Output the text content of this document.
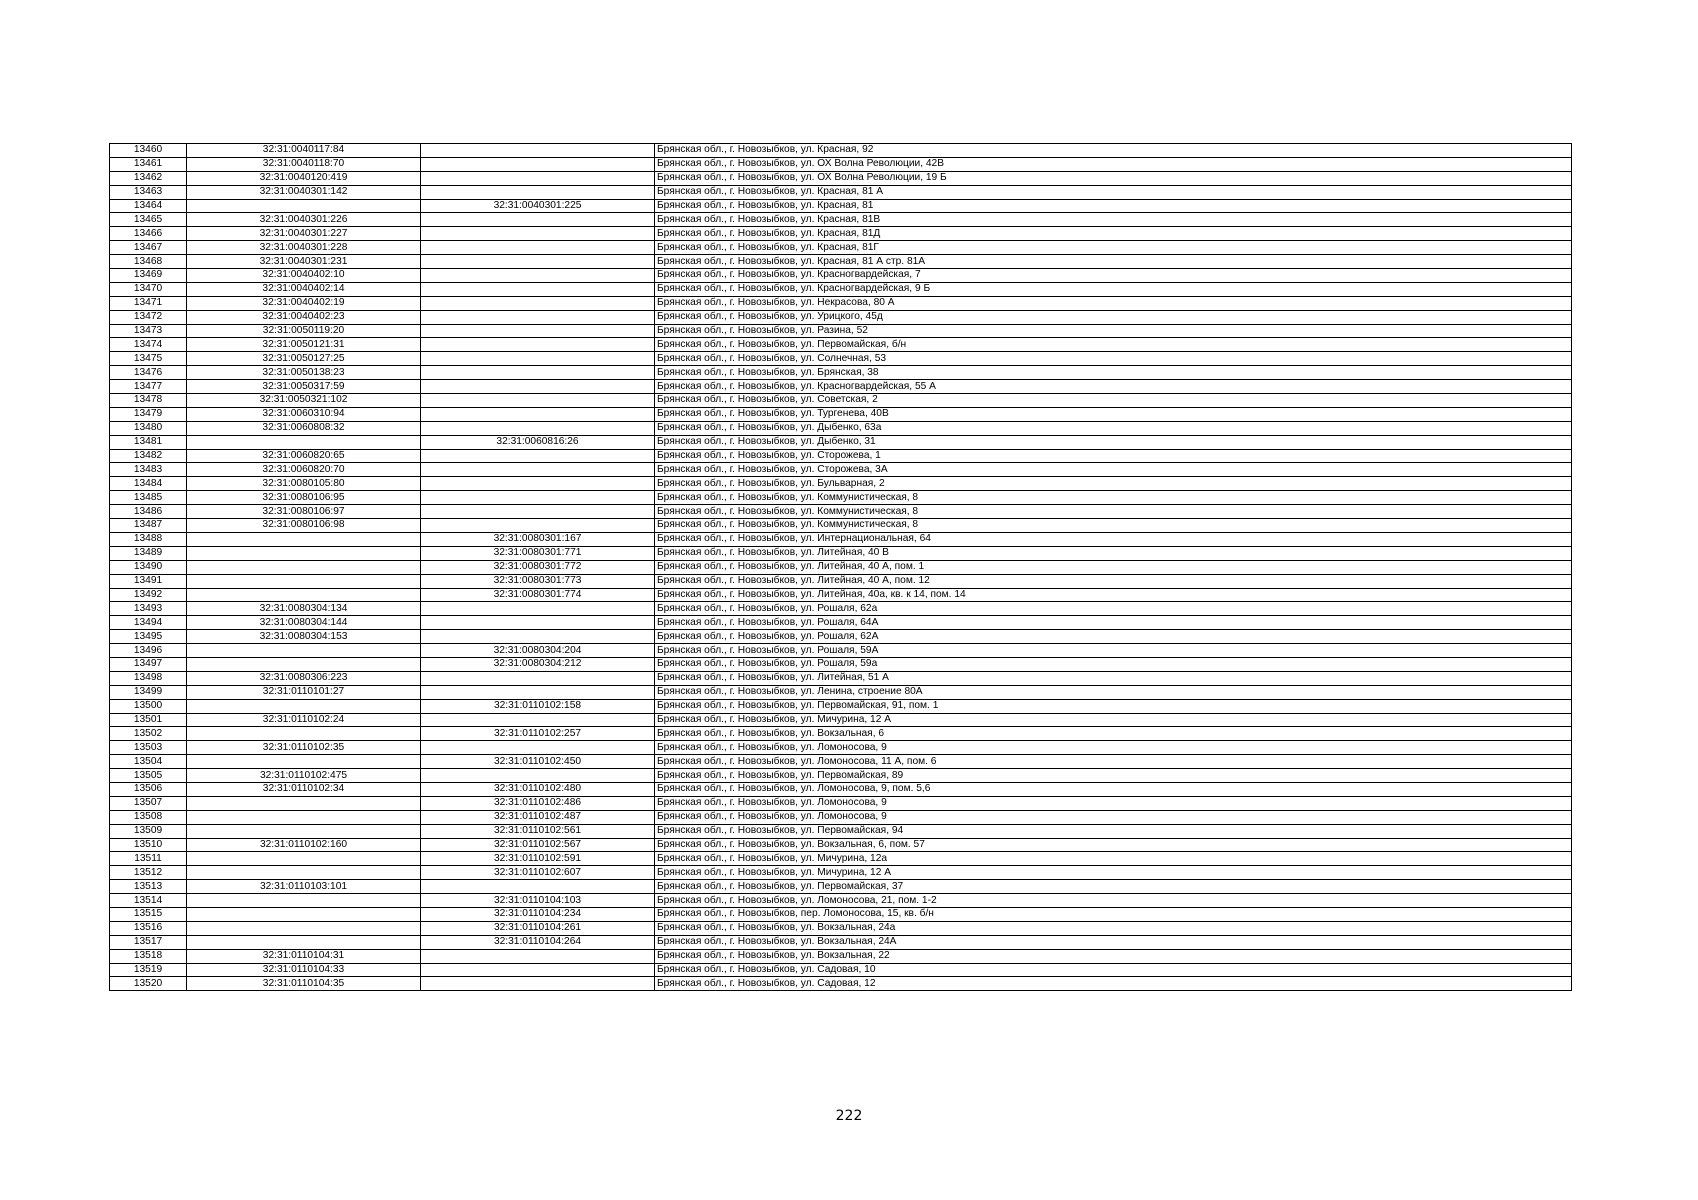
13460	32:31:0040117:84		Брянская обл., г. Новозыбков, ул. Красная, 92
13461	32:31:0040118:70		Брянская обл., г. Новозыбков, ул. ОХ Волна Революции, 42В
13462	32:31:0040120:419		Брянская обл., г. Новозыбков, ул. ОХ Волна Революции, 19 Б
13463	32:31:0040301:142		Брянская обл., г. Новозыбков, ул. Красная, 81 А
13464		32:31:0040301:225	Брянская обл., г. Новозыбков, ул. Красная, 81
13465	32:31:0040301:226		Брянская обл., г. Новозыбков, ул. Красная, 81В
13466	32:31:0040301:227		Брянская обл., г. Новозыбков, ул. Красная, 81Д
13467	32:31:0040301:228		Брянская обл., г. Новозыбков, ул. Красная, 81Г
13468	32:31:0040301:231		Брянская обл., г. Новозыбков, ул. Красная, 81 А стр. 81А
13469	32:31:0040402:10		Брянская обл., г. Новозыбков, ул. Красногвардейская, 7
13470	32:31:0040402:14		Брянская обл., г. Новозыбков, ул. Красногвардейская, 9 Б
13471	32:31:0040402:19		Брянская обл., г. Новозыбков, ул. Некрасова, 80 А
13472	32:31:0040402:23		Брянская обл., г. Новозыбков, ул. Урицкого, 45д
13473	32:31:0050119:20		Брянская обл., г. Новозыбков, ул. Разина, 52
13474	32:31:0050121:31		Брянская обл., г. Новозыбков, ул. Первомайская, б/н
13475	32:31:0050127:25		Брянская обл., г. Новозыбков, ул. Солнечная, 53
13476	32:31:0050138:23		Брянская обл., г. Новозыбков, ул. Брянская, 38
13477	32:31:0050317:59		Брянская обл., г. Новозыбков, ул. Красногвардейская, 55 А
13478	32:31:0050321:102		Брянская обл., г. Новозыбков, ул. Советская, 2
13479	32:31:0060310:94		Брянская обл., г. Новозыбков, ул. Тургенева, 40В
13480	32:31:0060808:32		Брянская обл., г. Новозыбков, ул. Дыбенко, 63а
13481		32:31:0060816:26	Брянская обл., г. Новозыбков, ул. Дыбенко, 31
13482	32:31:0060820:65		Брянская обл., г. Новозыбков, ул. Сторожева, 1
13483	32:31:0060820:70		Брянская обл., г. Новозыбков, ул. Сторожева, 3А
13484	32:31:0080105:80		Брянская обл., г. Новозыбков, ул. Бульварная, 2
13485	32:31:0080106:95		Брянская обл., г. Новозыбков, ул. Коммунистическая, 8
13486	32:31:0080106:97		Брянская обл., г. Новозыбков, ул. Коммунистическая, 8
13487	32:31:0080106:98		Брянская обл., г. Новозыбков, ул. Коммунистическая, 8
13488		32:31:0080301:167	Брянская обл., г. Новозыбков, ул. Интернациональная, 64
13489		32:31:0080301:771	Брянская обл., г. Новозыбков, ул. Литейная, 40 В
13490		32:31:0080301:772	Брянская обл., г. Новозыбков, ул. Литейная, 40 А, пом. 1
13491		32:31:0080301:773	Брянская обл., г. Новозыбков, ул. Литейная, 40 А, пом. 12
13492		32:31:0080301:774	Брянская обл., г. Новозыбков, ул. Литейная, 40а, кв. к 14, пом. 14
13493	32:31:0080304:134		Брянская обл., г. Новозыбков, ул. Рошаля, 62а
13494	32:31:0080304:144		Брянская обл., г. Новозыбков, ул. Рошаля, 64А
13495	32:31:0080304:153		Брянская обл., г. Новозыбков, ул. Рошаля, 62А
13496		32:31:0080304:204	Брянская обл., г. Новозыбков, ул. Рошаля, 59А
13497		32:31:0080304:212	Брянская обл., г. Новозыбков, ул. Рошаля, 59а
13498	32:31:0080306:223		Брянская обл., г. Новозыбков, ул. Литейная, 51 А
13499	32:31:0110101:27		Брянская обл., г. Новозыбков, ул. Ленина, строение 80А
13500		32:31:0110102:158	Брянская обл., г. Новозыбков, ул. Первомайская, 91, пом. 1
13501	32:31:0110102:24		Брянская обл., г. Новозыбков, ул. Мичурина, 12 А
13502		32:31:0110102:257	Брянская обл., г. Новозыбков, ул. Вокзальная, 6
13503	32:31:0110102:35		Брянская обл., г. Новозыбков, ул. Ломоносова, 9
13504		32:31:0110102:450	Брянская обл., г. Новозыбков, ул. Ломоносова, 11 А, пом. 6
13505	32:31:0110102:475		Брянская обл., г. Новозыбков, ул. Первомайская, 89
13506	32:31:0110102:34	32:31:0110102:480	Брянская обл., г. Новозыбков, ул. Ломоносова, 9, пом. 5,6
13507		32:31:0110102:486	Брянская обл., г. Новозыбков, ул. Ломоносова, 9
13508		32:31:0110102:487	Брянская обл., г. Новозыбков, ул. Ломоносова, 9
13509		32:31:0110102:561	Брянская обл., г. Новозыбков, ул. Первомайская, 94
13510	32:31:0110102:160	32:31:0110102:567	Брянская обл., г. Новозыбков, ул. Вокзальная, 6, пом. 57
13511		32:31:0110102:591	Брянская обл., г. Новозыбков, ул. Мичурина, 12а
13512		32:31:0110102:607	Брянская обл., г. Новозыбков, ул. Мичурина, 12 А
13513	32:31:0110103:101		Брянская обл., г. Новозыбков, ул. Первомайская, 37
13514		32:31:0110104:103	Брянская обл., г. Новозыбков, ул. Ломоносова, 21, пом. 1-2
13515		32:31:0110104:234	Брянская обл., г. Новозыбков, пер. Ломоносова, 15, кв. б/н
13516		32:31:0110104:261	Брянская обл., г. Новозыбков, ул. Вокзальная, 24а
13517		32:31:0110104:264	Брянская обл., г. Новозыбков, ул. Вокзальная, 24А
13518	32:31:0110104:31		Брянская обл., г. Новозыбков, ул. Вокзальная, 22
13519	32:31:0110104:33		Брянская обл., г. Новозыбков, ул. Садовая, 10
13520	32:31:0110104:35		Брянская обл., г. Новозыбков, ул. Садовая, 12
222
